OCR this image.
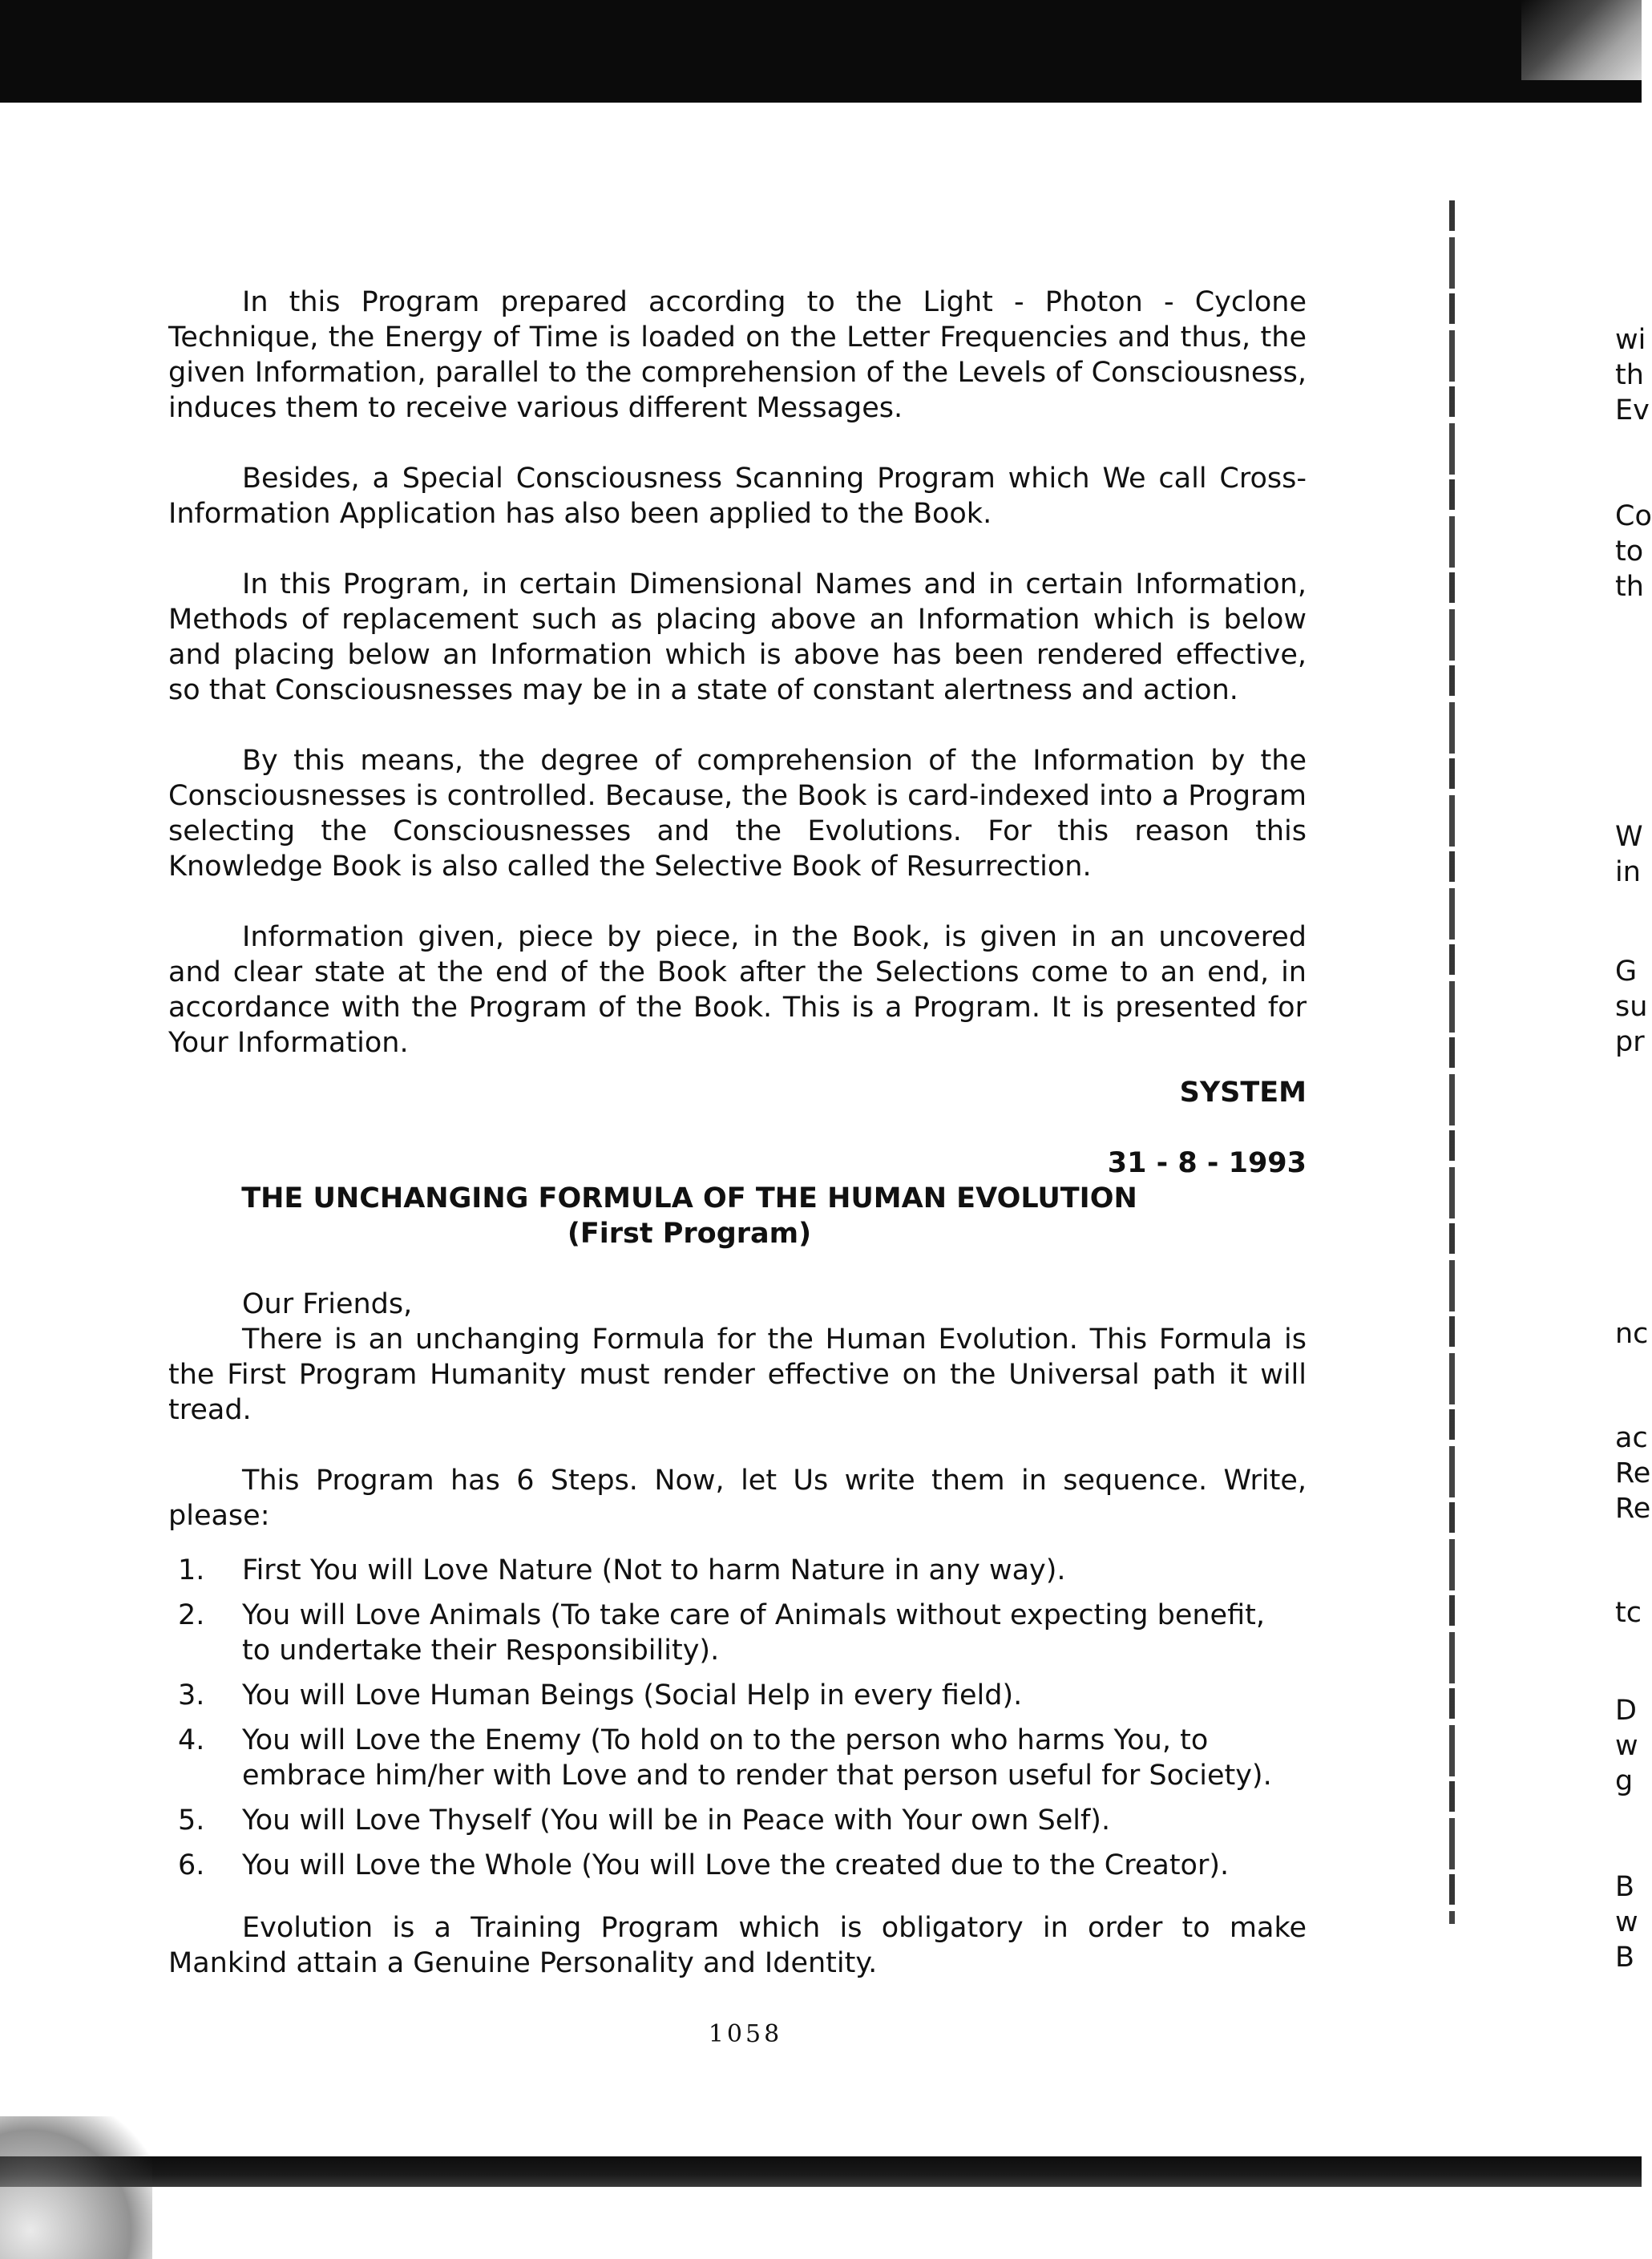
In this Program prepared according to the Light - Photon - Cyclone Technique, the Energy of Time is loaded on the Letter Frequencies and thus, the given Information, parallel to the comprehension of the Levels of Consciousness, induces them to receive various different Messages.

Besides, a Special Consciousness Scanning Program which We call Cross-Information Application has also been applied to the Book.

In this Program, in certain Dimensional Names and in certain Information, Methods of replacement such as placing above an Information which is below and placing below an Information which is above has been rendered effective, so that Consciousnesses may be in a state of constant alertness and action.

By this means, the degree of comprehension of the Information by the Consciousnesses is controlled. Because, the Book is card-indexed into a Program selecting the Consciousnesses and the Evolutions. For this reason this Knowledge Book is also called the Selective Book of Resurrection.

Information given, piece by piece, in the Book, is given in an uncovered and clear state at the end of the Book after the Selections come to an end, in accordance with the Program of the Book. This is a Program. It is presented for Your Information.

SYSTEM

31 - 8 - 1993

THE UNCHANGING FORMULA OF THE HUMAN EVOLUTION

(First Program)

Our Friends,

There is an unchanging Formula for the Human Evolution. This Formula is the First Program Humanity must render effective on the Universal path it will tread.

This Program has 6 Steps. Now, let Us write them in sequence. Write, please:

1.	First You will Love Nature (Not to harm Nature in any way).
2.	You will Love Animals (To take care of Animals without expecting benefit, to undertake their Responsibility).
3.	You will Love Human Beings (Social Help in every field).
4.	You will Love the Enemy (To hold on to the person who harms You, to embrace him/her with Love and to render that person useful for Society).
5.	You will Love Thyself (You will be in Peace with Your own Self).
6.	You will Love the Whole (You will Love the created due to the Creator).

Evolution is a Training Program which is obligatory in order to make Mankind attain a Genuine Personality and Identity.

1058
wi
th
Ev
Co
to
th
W
in
G
su
pr
nc
ac
Re
Re
tc
D
w
g
B
w
B
